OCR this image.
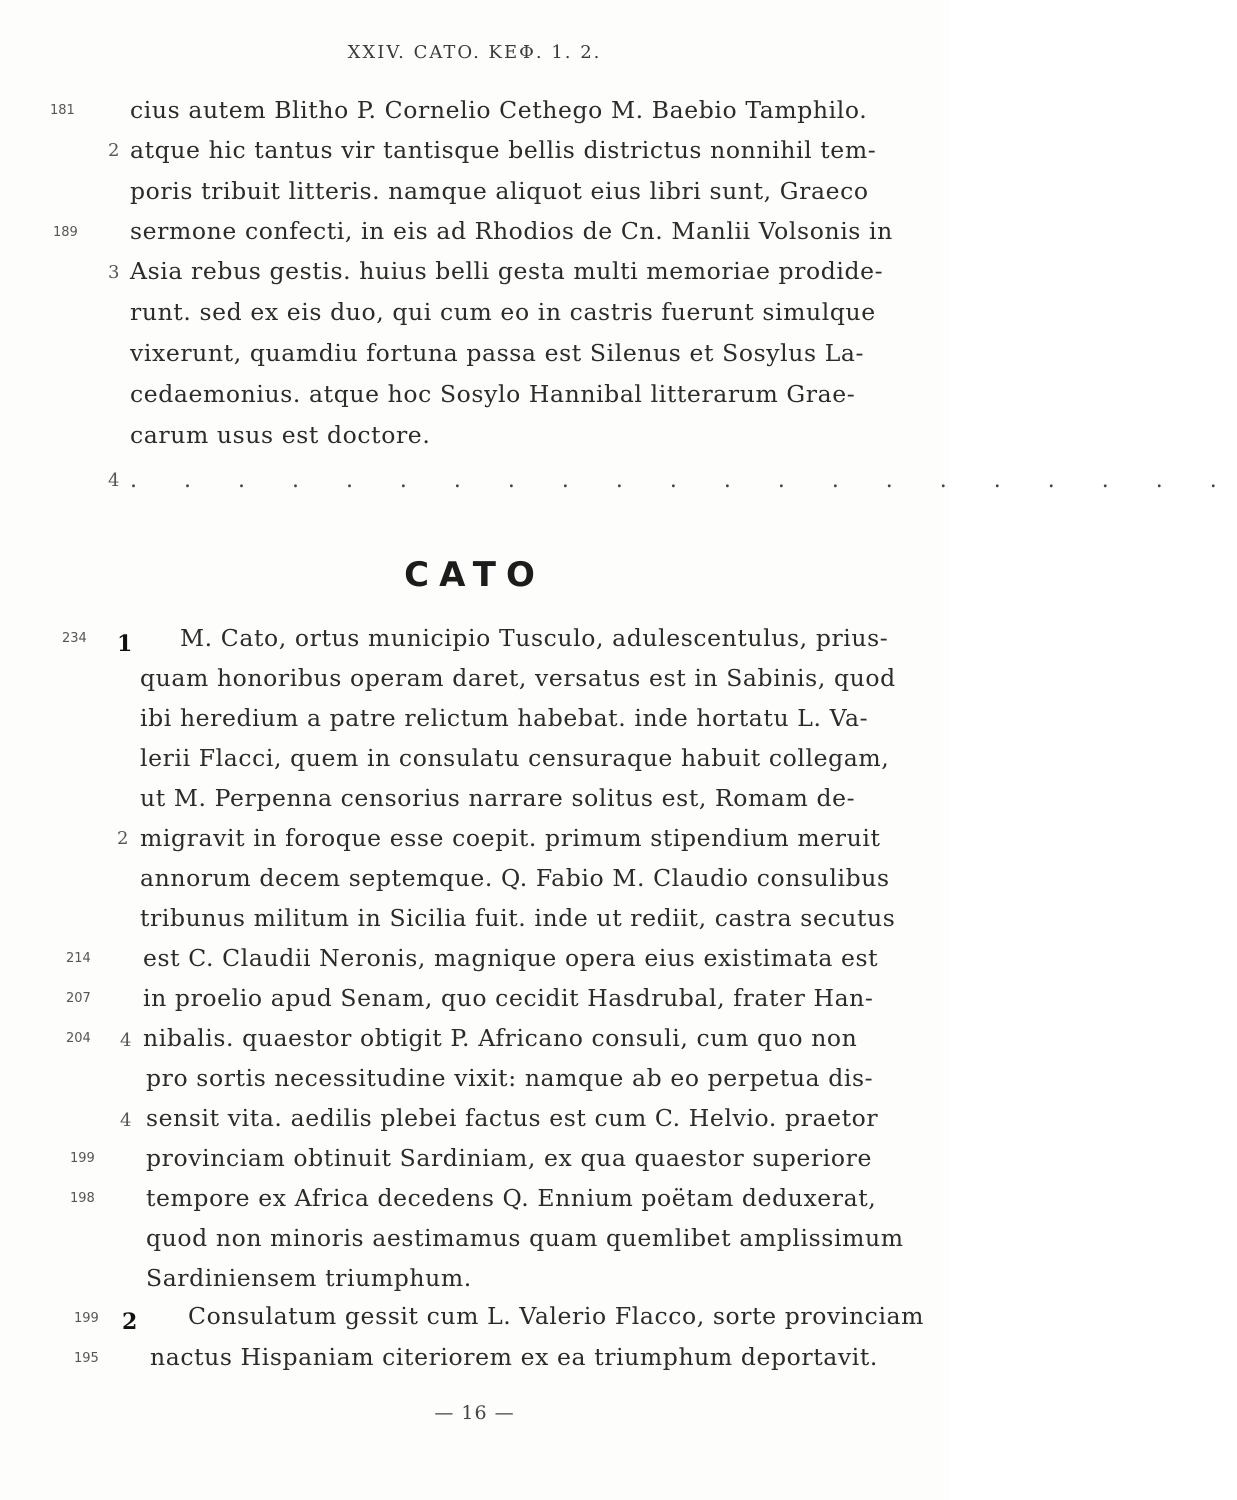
XXIV. CATO. ΚΕΦ. 1. 2.
181 cius autem Blitho P. Cornelio Cethego M. Baebio Tamphilo.
2 atque hic tantus vir tantisque bellis districtus nonnihil tem-
poris tribuit litteris. namque aliquot eius libri sunt, Graeco
189 sermone confecti, in eis ad Rhodios de Cn. Manlii Volsonis in
3 Asia rebus gestis. huius belli gesta multi memoriae prodide-
runt. sed ex eis duo, qui cum eo in castris fuerunt simulque
vixerunt, quamdiu fortuna passa est Silenus et Sosylus La-
cedaemonius. atque hoc Sosylo Hannibal litterarum Grae-
carum usus est doctore.
4 . . . . . . . . . . . . . . . . . . . . .
CATO
234 1 M. Cato, ortus municipio Tusculo, adulescentulus, prius-
quam honoribus operam daret, versatus est in Sabinis, quod
ibi heredium a patre relictum habebat. inde hortatu L. Va-
lerii Flacci, quem in consulatu censuraque habuit collegam,
ut M. Perpenna censorius narrare solitus est, Romam de-
2 migravit in foroque esse coepit. primum stipendium meruit
annorum decem septemque. Q. Fabio M. Claudio consulibus
tribunus militum in Sicilia fuit. inde ut rediit, castra secutus
214 est C. Claudii Neronis, magnique opera eius existimata est
207 in proelio apud Senam, quo cecidit Hasdrubal, frater Han-
204 4 nibalis. quaestor obtigit P. Africano consuli, cum quo non
pro sortis necessitudine vixit: namque ab eo perpetua dis-
4 sensit vita. aedilis plebei factus est cum C. Helvio. praetor
199 provinciam obtinuit Sardiniam, ex qua quaestor superiore
198 tempore ex Africa decedens Q. Ennium poëtam deduxerat,
quod non minoris aestimamus quam quemlibet amplissimum
Sardiniensem triumphum.
199 2 Consulatum gessit cum L. Valerio Flacco, sorte provinciam
195 nactus Hispaniam citeriorem ex ea triumphum deportavit.
— 16 —
